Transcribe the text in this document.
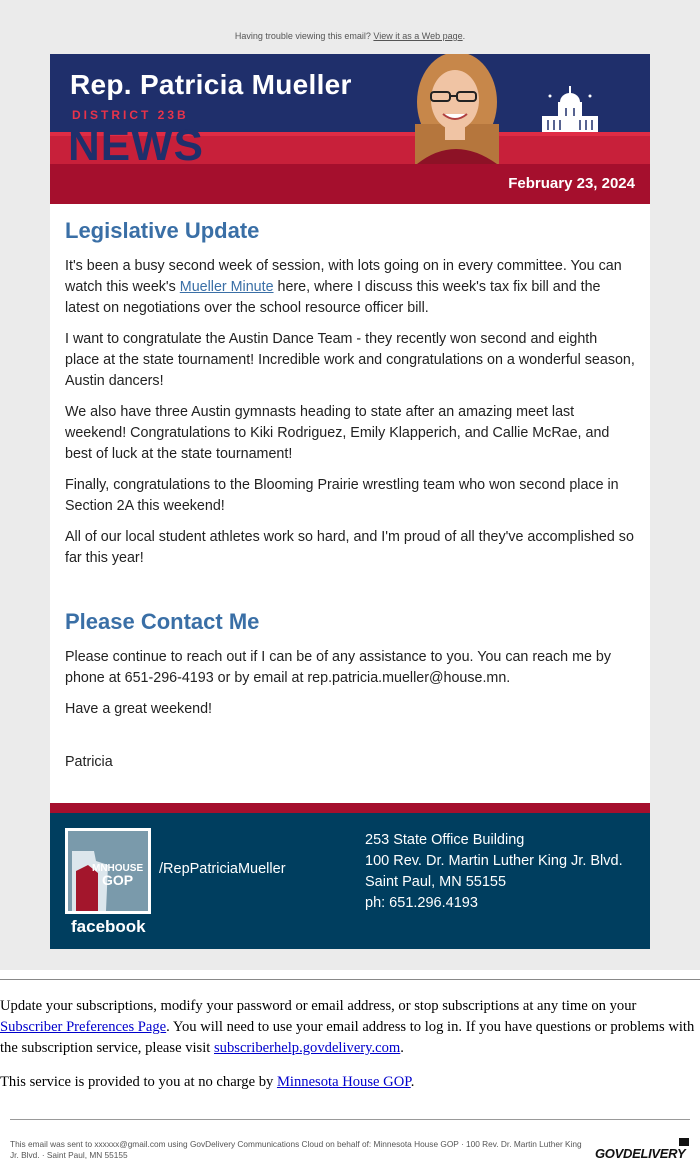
Having trouble viewing this email? View it as a Web page.
Rep. Patricia Mueller
DISTRICT 23B
NEWS
February 23, 2024
Legislative Update

It's been a busy second week of session, with lots going on in every committee. You can watch this week's Mueller Minute here, where I discuss this week's tax fix bill and the latest on negotiations over the school resource officer bill.

I want to congratulate the Austin Dance Team - they recently won second and eighth place at the state tournament! Incredible work and congratulations on a wonderful season, Austin dancers!

We also have three Austin gymnasts heading to state after an amazing meet last weekend! Congratulations to Kiki Rodriguez, Emily Klapperich, and Callie McRae, and best of luck at the state tournament!

Finally, congratulations to the Blooming Prairie wrestling team who won second place in Section 2A this weekend!

All of our local student athletes work so hard, and I'm proud of all they've accomplished so far this year!

Please Contact Me

Please continue to reach out if I can be of any assistance to you. You can reach me by phone at 651-296-4193 or by email at rep.patricia.mueller@house.mn.

Have a great weekend!

Patricia

MNHOUSE
GOP
facebook
/RepPatriciaMueller
253 State Office Building
100 Rev. Dr. Martin Luther King Jr. Blvd.
Saint Paul, MN 55155
ph: 651.296.4193

Update your subscriptions, modify your password or email address, or stop subscriptions at any time on your Subscriber Preferences Page. You will need to use your email address to log in. If you have questions or problems with the subscription service, please visit subscriberhelp.govdelivery.com.

This service is provided to you at no charge by Minnesota House GOP.

This email was sent to xxxxxx@gmail.com using GovDelivery Communications Cloud on behalf of: Minnesota House GOP · 100 Rev. Dr. Martin Luther King Jr. Blvd. · Saint Paul, MN 55155	GOVDELIVERY
